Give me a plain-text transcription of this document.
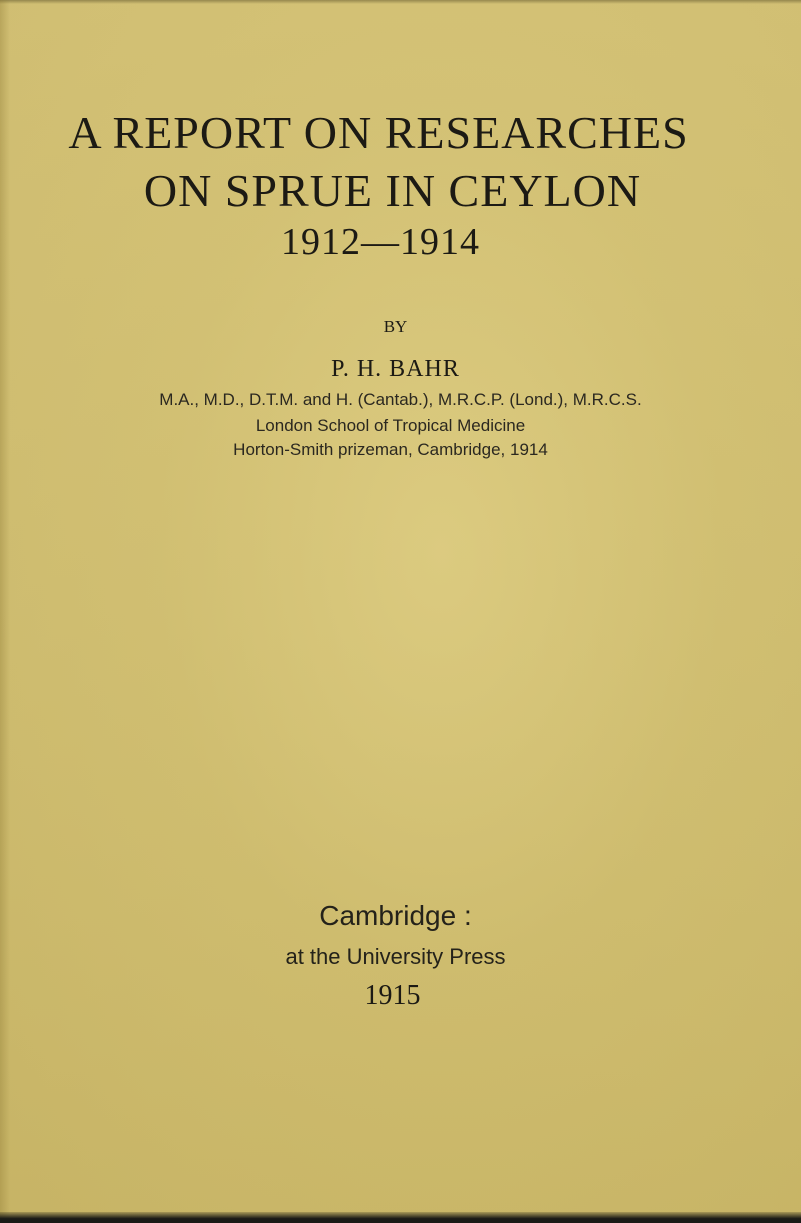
A REPORT ON RESEARCHES
ON SPRUE IN CEYLON
1912—1914
BY
P. H. BAHR
M.A., M.D., D.T.M. and H. (Cantab.), M.R.C.P. (Lond.), M.R.C.S.
London School of Tropical Medicine
Horton-Smith prizeman, Cambridge, 1914
Cambridge :
at the University Press
1915
